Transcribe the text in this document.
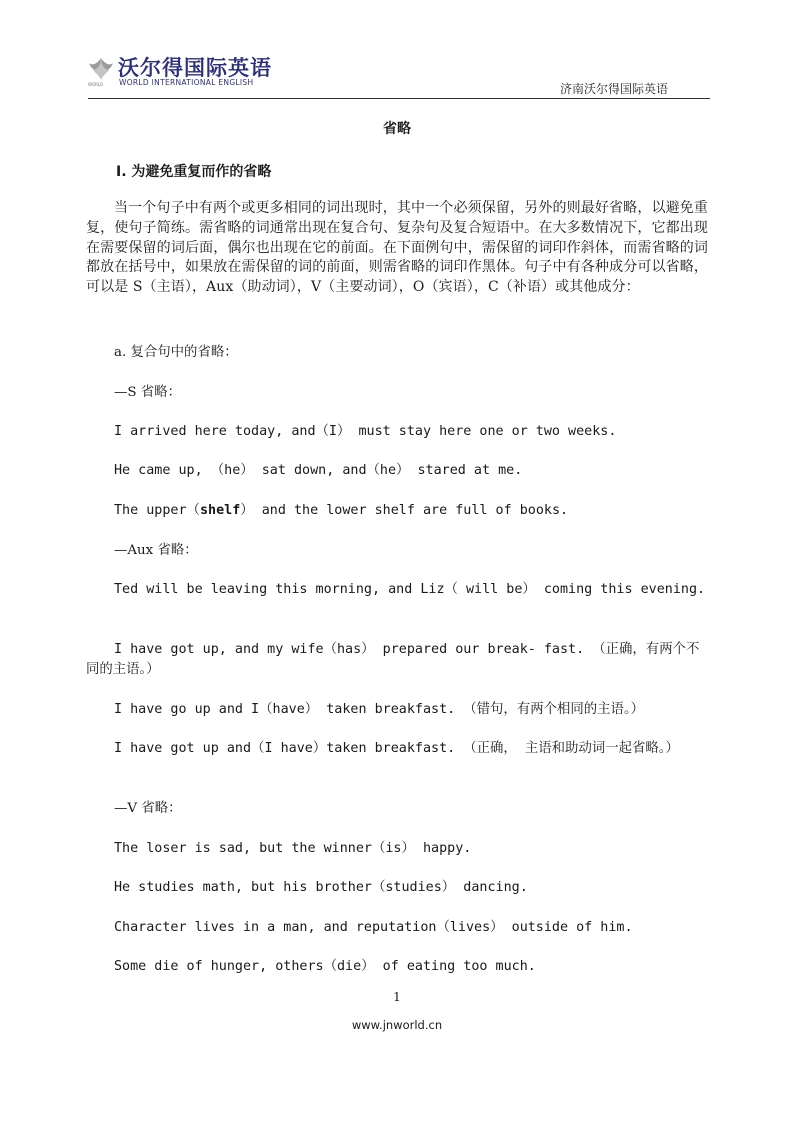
WORLD
沃尔得国际英语
WORLD INTERNATIONAL ENGLISH	济南沃尔得国际英语
省略
Ⅰ. 为避免重复而作的省略
当一个句子中有两个或更多相同的词出现时，其中一个必须保留，另外的则最好省略，以避免重复，使句子简练。需省略的词通常出现在复合句、复杂句及复合短语中。在大多数情况下，它都出现在需要保留的词后面，偶尔也出现在它的前面。在下面例句中，需保留的词印作斜体，而需省略的词都放在括号中，如果放在需保留的词的前面，则需省略的词印作黑体。句子中有各种成分可以省略，可以是 S（主语），Aux（助动词），V（主要动词），O（宾语），C（补语）或其他成分：
a. 复合句中的省略：
—S 省略：
I arrived here today, and（I） must stay here one or two weeks.
He came up, （he） sat down, and（he） stared at me.
The upper（shelf） and the lower shelf are full of books.
—Aux 省略：
Ted will be leaving this morning, and Liz（ will be） coming this evening.
I have got up, and my wife（has） prepared our break- fast. （正确，有两个不同的主语。）
I have go up and I（have） taken breakfast. （错句，有两个相同的主语。）
I have got up and（I have）taken breakfast. （正确， 主语和助动词一起省略。）
—V 省略：
The loser is sad, but the winner（is） happy.
He studies math, but his brother（studies） dancing.
Character lives in a man, and reputation（lives） outside of him.
Some die of hunger, others（die） of eating too much.
1
www.jnworld.cn
